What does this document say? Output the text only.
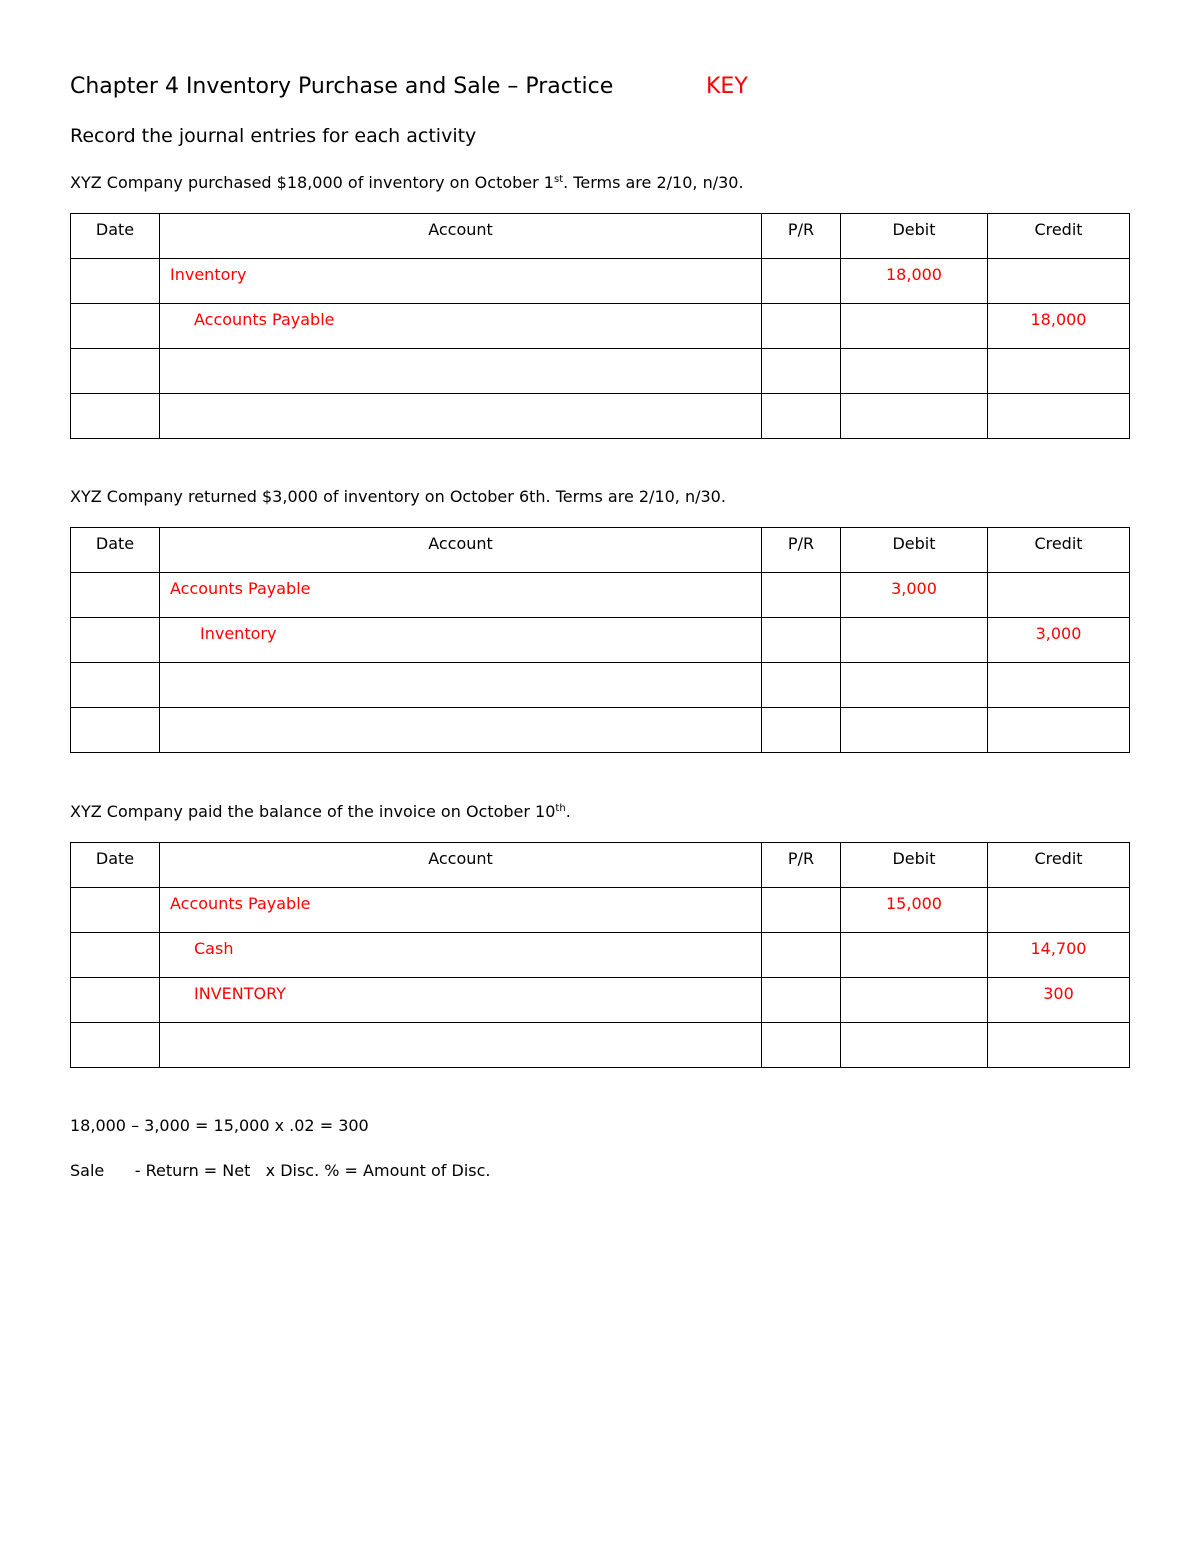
Chapter 4 Inventory Purchase and Sale – Practice	KEY
Record the journal entries for each activity
XYZ Company purchased $18,000 of inventory on October 1st. Terms are 2/10, n/30.
Date	Account	P/R	Debit	Credit
	Inventory		18,000	
	Accounts Payable			18,000

XYZ Company returned $3,000 of inventory on October 6th. Terms are 2/10, n/30.
Date	Account	P/R	Debit	Credit
	Accounts Payable		3,000	
	Inventory			3,000

XYZ Company paid the balance of the invoice on October 10th.
Date	Account	P/R	Debit	Credit
	Accounts Payable		15,000	
	Cash			14,700
	INVENTORY			300

18,000 – 3,000 = 15,000 x .02 = 300
Sale      - Return = Net   x Disc. % = Amount of Disc.
